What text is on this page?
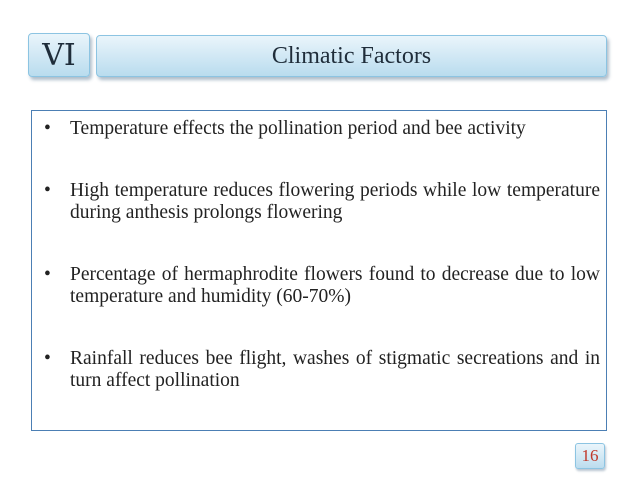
VI	Climatic Factors
• Temperature effects the pollination period and bee activity
• High temperature reduces flowering periods while low temperature during anthesis prolongs flowering
• Percentage of hermaphrodite flowers found to decrease due to low temperature and humidity (60-70%)
• Rainfall reduces bee flight, washes of stigmatic secreations and in turn affect pollination
16
